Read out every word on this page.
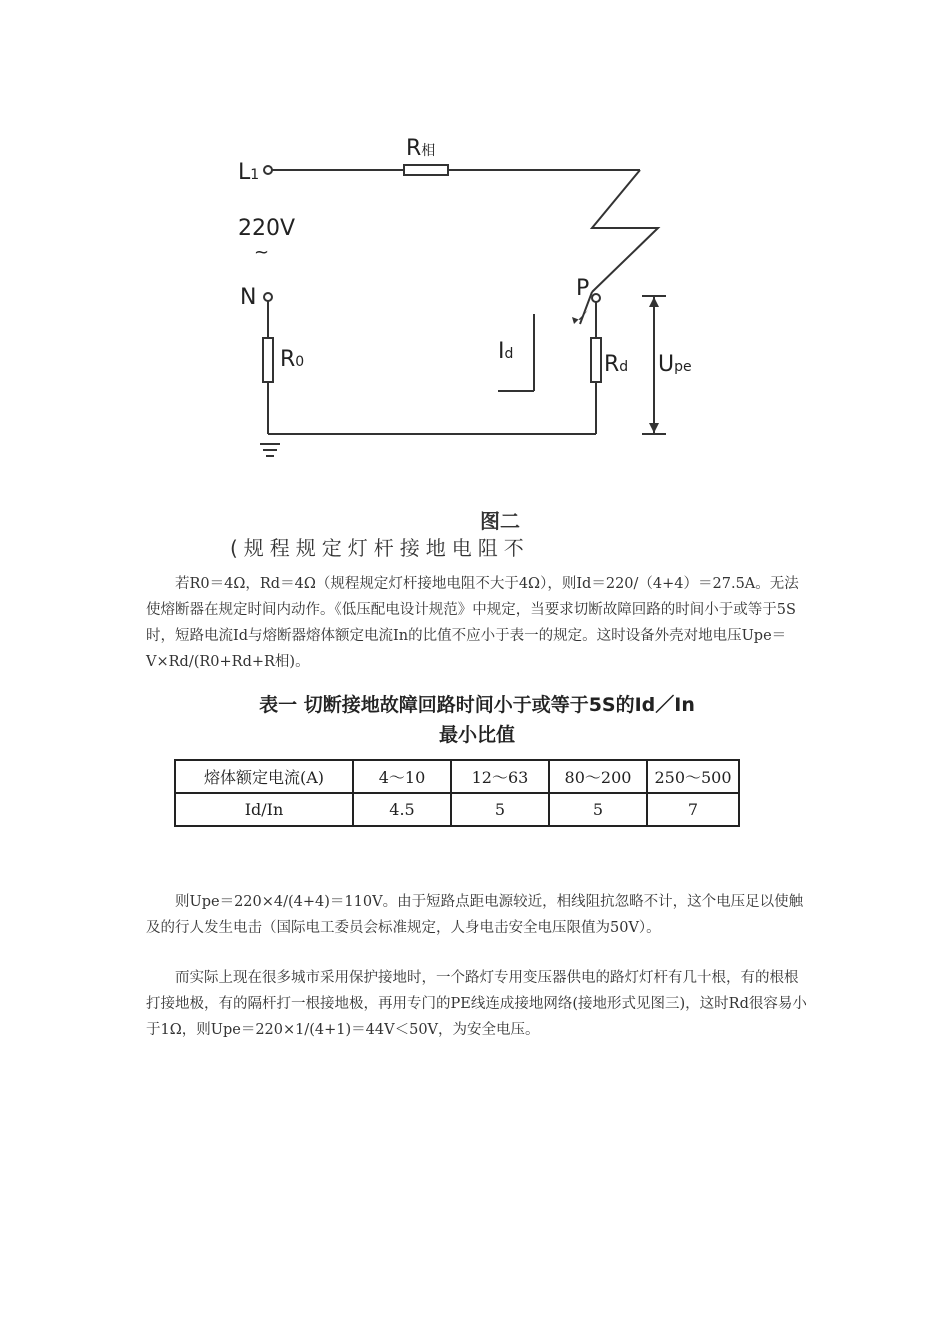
L1
220V
~
N
R相
R0	Id
P
Rd Upe
图二
(规程规定灯杆接地电阻不

若R0＝4Ω，Rd＝4Ω（规程规定灯杆接地电阻不大于4Ω），则Id＝220/（4+4）＝27.5A。无法使熔断器在规定时间内动作。《低压配电设计规范》中规定，当要求切断故障回路的时间小于或等于5S时，短路电流Id与熔断器熔体额定电流In的比值不应小于表一的规定。这时设备外壳对地电压Upe＝V×Rd/(R0+Rd+R相)。

表一 切断接地故障回路时间小于或等于5S的Id／In
最小比值
熔体额定电流(A)	4～10	12～63	80～200	250～500
Id/In	4.5	5	5	7

则Upe＝220×4/(4+4)＝110V。由于短路点距电源较近，相线阻抗忽略不计，这个电压足以使触及的行人发生电击（国际电工委员会标准规定，人身电击安全电压限值为50V）。

而实际上现在很多城市采用保护接地时，一个路灯专用变压器供电的路灯灯杆有几十根，有的根根打接地极，有的隔杆打一根接地极，再用专门的PE线连成接地网络(接地形式见图三)，这时Rd很容易小于1Ω，则Upe＝220×1/(4+1)＝44V＜50V，为安全电压。
